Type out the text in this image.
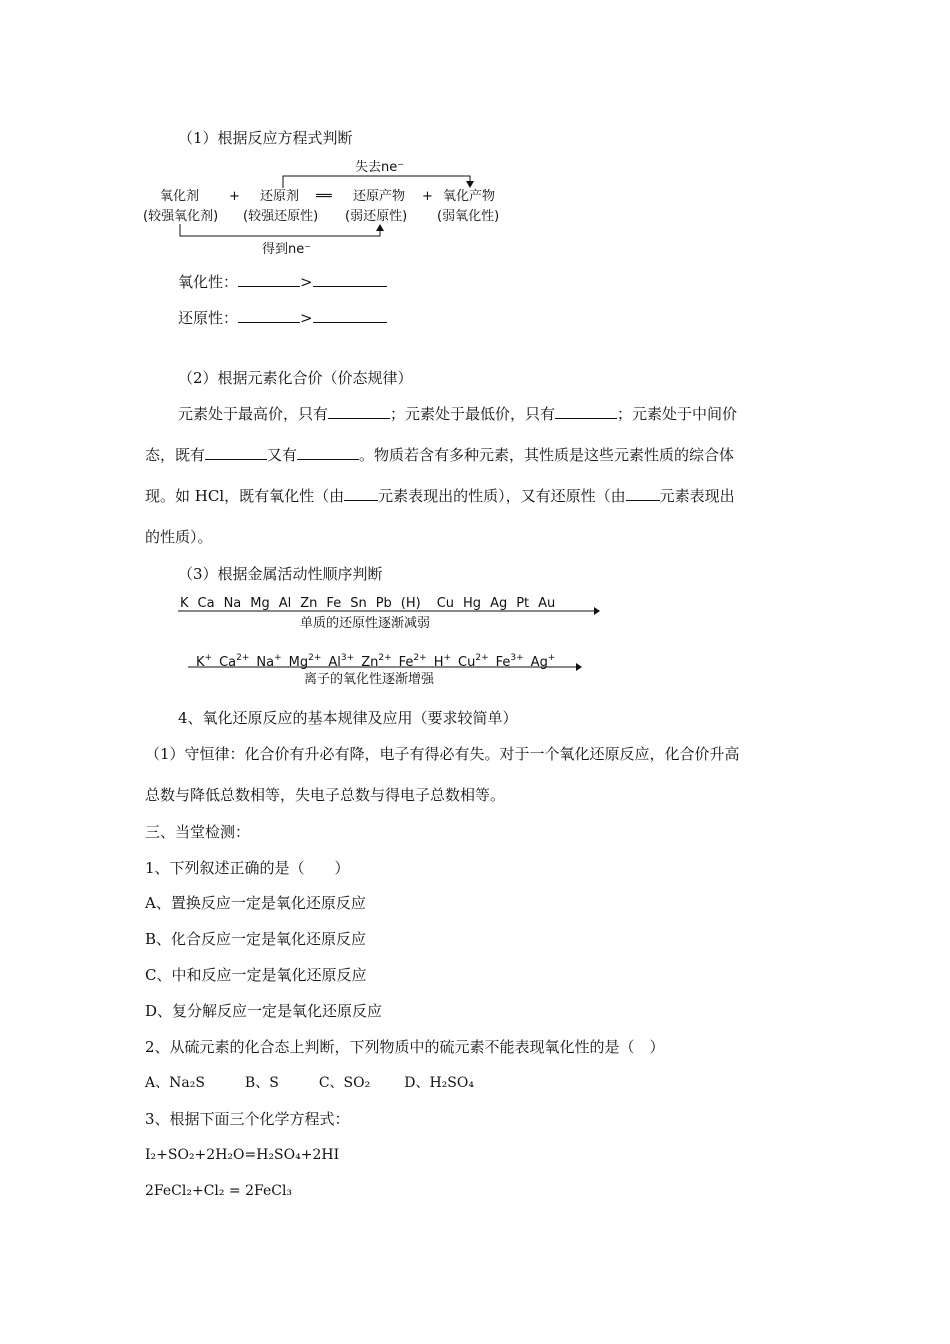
（1）根据反应方程式判断
失去ne⁻
氧化剂
(较强氧化剂)
+ 还原剂
(较强还原性)
══ 还原产物
(弱还原性)
+ 氧化产物
(弱氧化性)
得到ne⁻
氧化性：	>
还原性：	>
（2）根据元素化合价（价态规律）
元素处于最高价，只有	；元素处于最低价，只有	；元素处于中间价
态，既有	又有	。物质若含有多种元素，其性质是这些元素性质的综合体
现。如 HCl，既有氧化性（由 元素表现出的性质），又有还原性（由 元素表现出
的性质）。
（3）根据金属活动性顺序判断
K Ca Na Mg Al Zn Fe Sn Pb (H) Cu Hg Ag Pt Au
单质的还原性逐渐减弱
K+ $Ca^{2+}$ Na+ $Mg^{2+}$ $Al^{3+}$ $Zn^{2+}$ $Fe^{2+}$ H+ $Cu^{2+}$ $Fe^{3+}$ Ag+
离子的氧化性逐渐增强
4、氧化还原反应的基本规律及应用（要求较简单）
（1）守恒律：化合价有升必有降，电子有得必有失。对于一个氧化还原反应，化合价升高
总数与降低总数相等，失电子总数与得电子总数相等。
三、当堂检测：
1、下列叙述正确的是（　　）
A、置换反应一定是氧化还原反应
B、化合反应一定是氧化还原反应
C、中和反应一定是氧化还原反应
D、复分解反应一定是氧化还原反应
2、从硫元素的化合态上判断，下列物质中的硫元素不能表现氧化性的是（　）
A、Na₂S	B、S	C、SO₂ D、H₂SO₄
3、根据下面三个化学方程式：
I₂+SO₂+2H₂O=H₂SO₄+2HI
2FeCl₂+Cl₂ = 2FeCl₃
